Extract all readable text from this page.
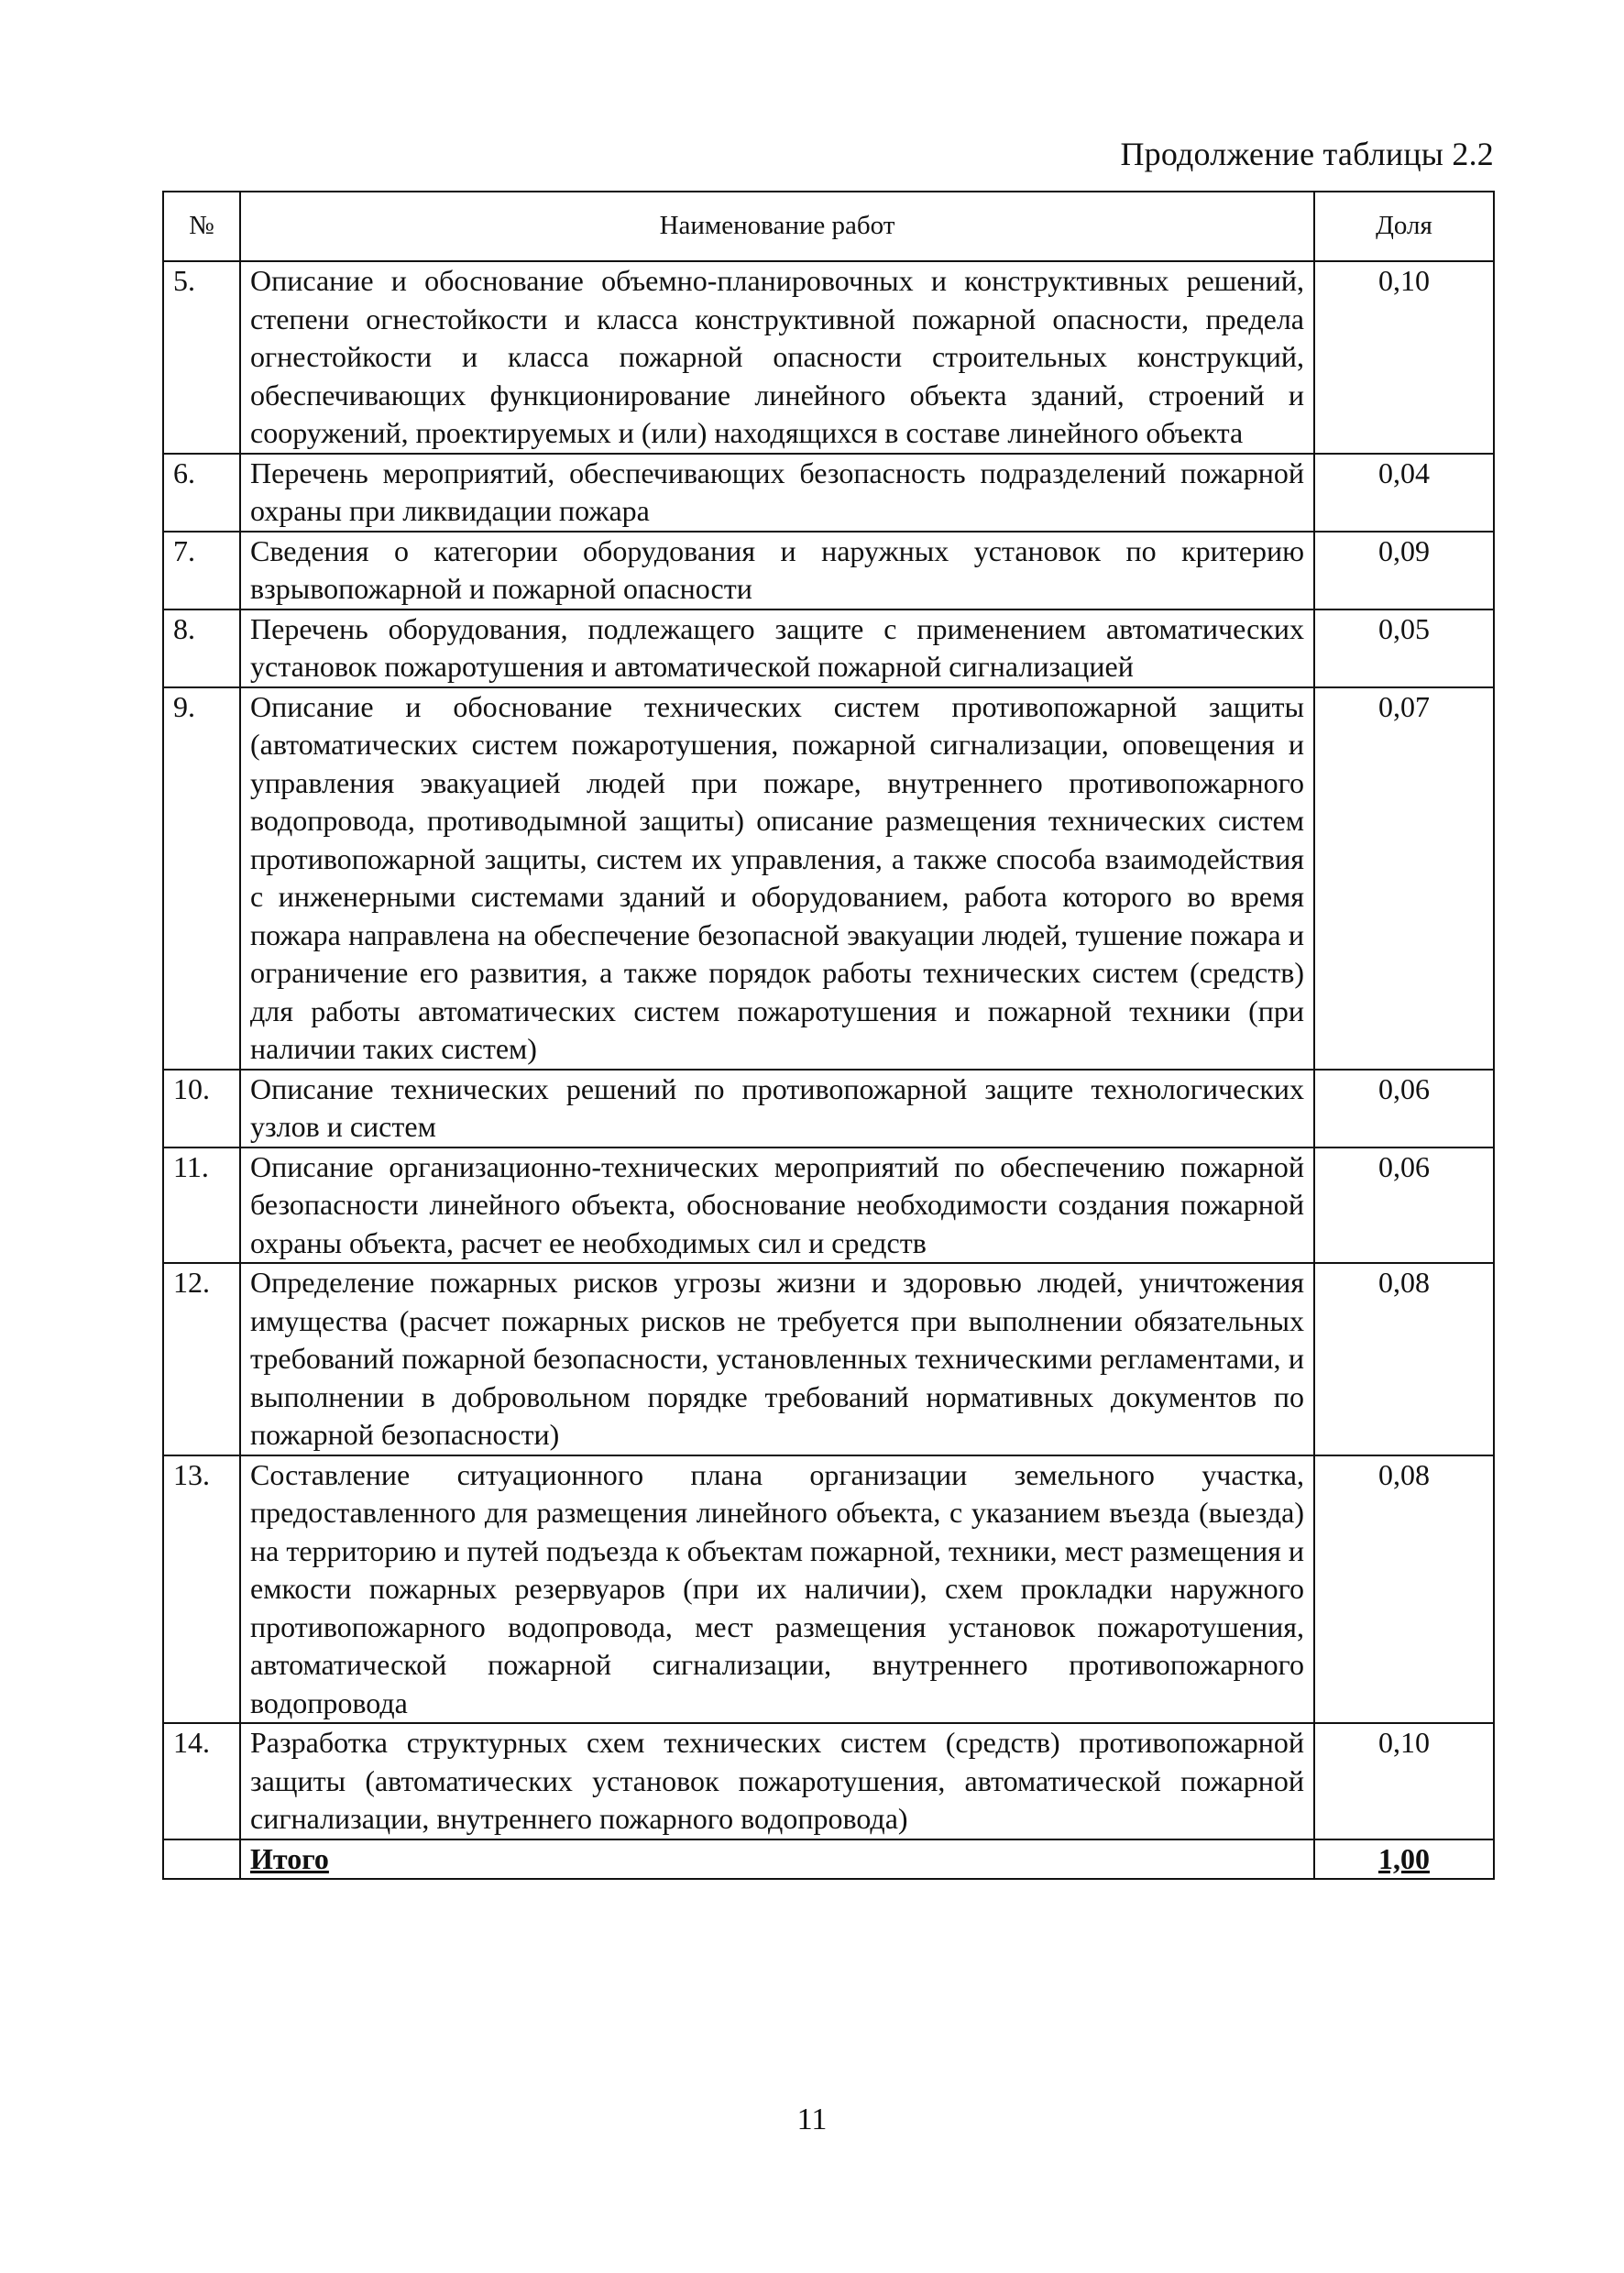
Продолжение таблицы 2.2
№	Наименование работ	Доля
5.	Описание и обоснование объемно-планировочных и конструктивных решений, степени огнестойкости и класса конструктивной пожарной опасности, предела огнестойкости и класса пожарной опасности строительных конструкций, обеспечивающих функционирование линейного объекта зданий, строений и сооружений, проектируемых и (или) находящихся в составе линейного объекта	0,10
6.	Перечень мероприятий, обеспечивающих безопасность подразделений пожарной охраны при ликвидации пожара	0,04
7.	Сведения о категории оборудования и наружных установок по критерию взрывопожарной и пожарной опасности	0,09
8.	Перечень оборудования, подлежащего защите с применением автоматических установок пожаротушения и автоматической пожарной сигнализацией	0,05
9.	Описание и обоснование технических систем противопожарной защиты (автоматических систем пожаротушения, пожарной сигнализации, оповещения и управления эвакуацией людей при пожаре, внутреннего противопожарного водопровода, противодымной защиты) описание размещения технических систем противопожарной защиты, систем их управления, а также способа взаимодействия с инженерными системами зданий и оборудованием, работа которого во время пожара направлена на обеспечение безопасной эвакуации людей, тушение пожара и ограничение его развития, а также порядок работы технических систем (средств) для работы автоматических систем пожаротушения и пожарной техники (при наличии таких систем)	0,07
10.	Описание технических решений по противопожарной защите технологических узлов и систем	0,06
11.	Описание организационно-технических мероприятий по обеспечению пожарной безопасности линейного объекта, обоснование необходимости создания пожарной охраны объекта, расчет ее необходимых сил и средств	0,06
12.	Определение пожарных рисков угрозы жизни и здоровью людей, уничтожения имущества (расчет пожарных рисков не требуется при выполнении обязательных требований пожарной безопасности, установленных техническими регламентами, и выполнении в добровольном порядке требований нормативных документов по пожарной безопасности)	0,08
13.	Составление ситуационного плана организации земельного участка, предоставленного для размещения линейного объекта, с указанием въезда (выезда) на территорию и путей подъезда к объектам пожарной, техники, мест размещения и емкости пожарных резервуаров (при их наличии), схем прокладки наружного противопожарного водопровода, мест размещения установок пожаротушения, автоматической пожарной сигнализации, внутреннего противопожарного водопровода	0,08
14.	Разработка структурных схем технических систем (средств) противопожарной защиты (автоматических установок пожаротушения, автоматической пожарной сигнализации, внутреннего пожарного водопровода)	0,10
	Итого	1,00
11
